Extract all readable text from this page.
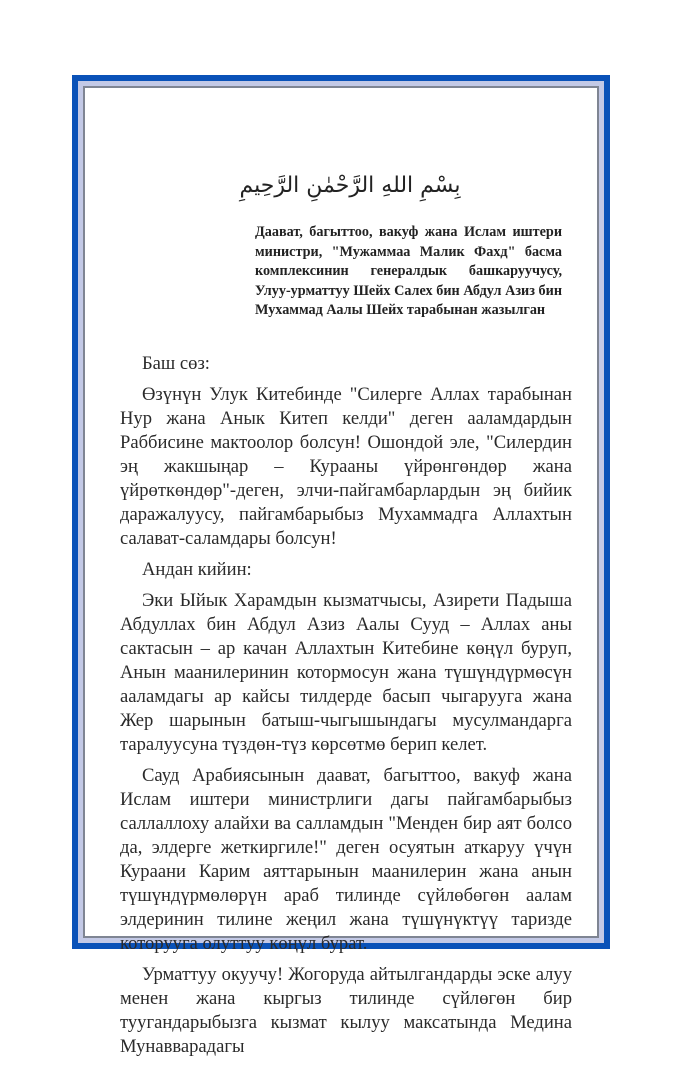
بِسْمِ اللهِ الرَّحْمٰنِ الرَّحِيمِ
Даават, багыттоо, вакуф жана Ислам иштери министри, "Мужаммаа Малик Фахд" басма комплексинин генералдык башкаруучусу, Улуу-урматтуу Шейх Салех бин Абдул Азиз бин Мухаммад Аалы Шейх тарабынан жазылган

Баш сөз:

Өзүнүн Улук Китебинде "Силерге Аллах тарабынан Нур жана Анык Китеп келди" деген ааламдардын Раббисине мактоолор болсун! Ошондой эле, "Силердин эң жакшыңар – Курааны үйрөнгөндөр жана үйрөткөндөр"-деген, элчи-пайгамбарлардын эң бийик даражалуусу, пайгамбарыбыз Мухаммадга Аллахтын салават-саламдары болсун!

Андан кийин:

Эки Ыйык Харамдын кызматчысы, Азирети Падыша Абдуллах бин Абдул Азиз Аалы Сууд – Аллах аны сактасын – ар качан Аллахтын Китебине көңүл буруп, Анын маанилеринин котормосун жана түшүндүрмөсүн ааламдагы ар кайсы тилдерде басып чыгарууга жана Жер шарынын батыш-чыгышындагы мусулмандарга таралуусуна түздөн-түз көрсөтмө берип келет.

Сауд Арабиясынын даават, багыттоо, вакуф жана Ислам иштери министрлиги дагы пайгамбарыбыз саллаллоху алайхи ва салламдын "Менден бир аят болсо да, элдерге жеткиргиле!" деген осуятын аткаруу үчүн Кураани Карим аяттарынын маанилерин жана анын түшүндүрмөлөрүн араб тилинде сүйлөбөгөн аалам элдеринин тилине жеңил жана түшүнүктүү таризде которууга олуттуу көңүл бурат.

Урматтуу окуучу! Жогоруда айтылгандарды эске алуу менен жана кыргыз тилинде сүйлөгөн бир туугандарыбызга кызмат кылуу максатында Медина Мунавварадагы
